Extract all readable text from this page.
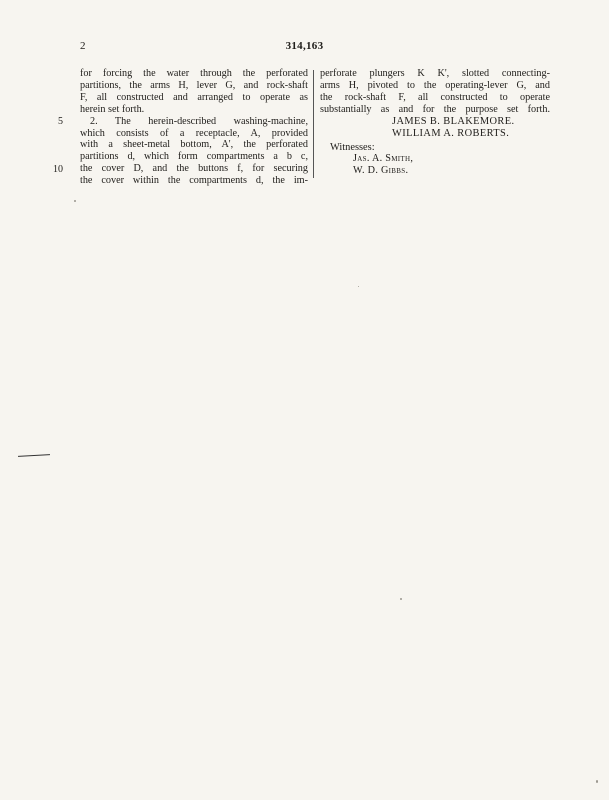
2	314,163
for forcing the water through the perforated
partitions, the arms H, lever G, and rock-shaft
F, all constructed and arranged to operate as
herein set forth.
2. The herein-described washing-machine,
which consists of a receptacle, A, provided
with a sheet-metal bottom, A', the perforated
partitions d, which form compartments a b c,
the cover D, and the buttons f, for securing
the cover within the compartments d, the im-
5
10
perforate plungers K K', slotted connecting-
arms H, pivoted to the operating-lever G, and
the rock-shaft F, all constructed to operate
substantially as and for the purpose set forth.
JAMES B. BLAKEMORE.
WILLIAM A. ROBERTS.
Witnesses:
Jas. A. Smith,
W. D. Gibbs.
